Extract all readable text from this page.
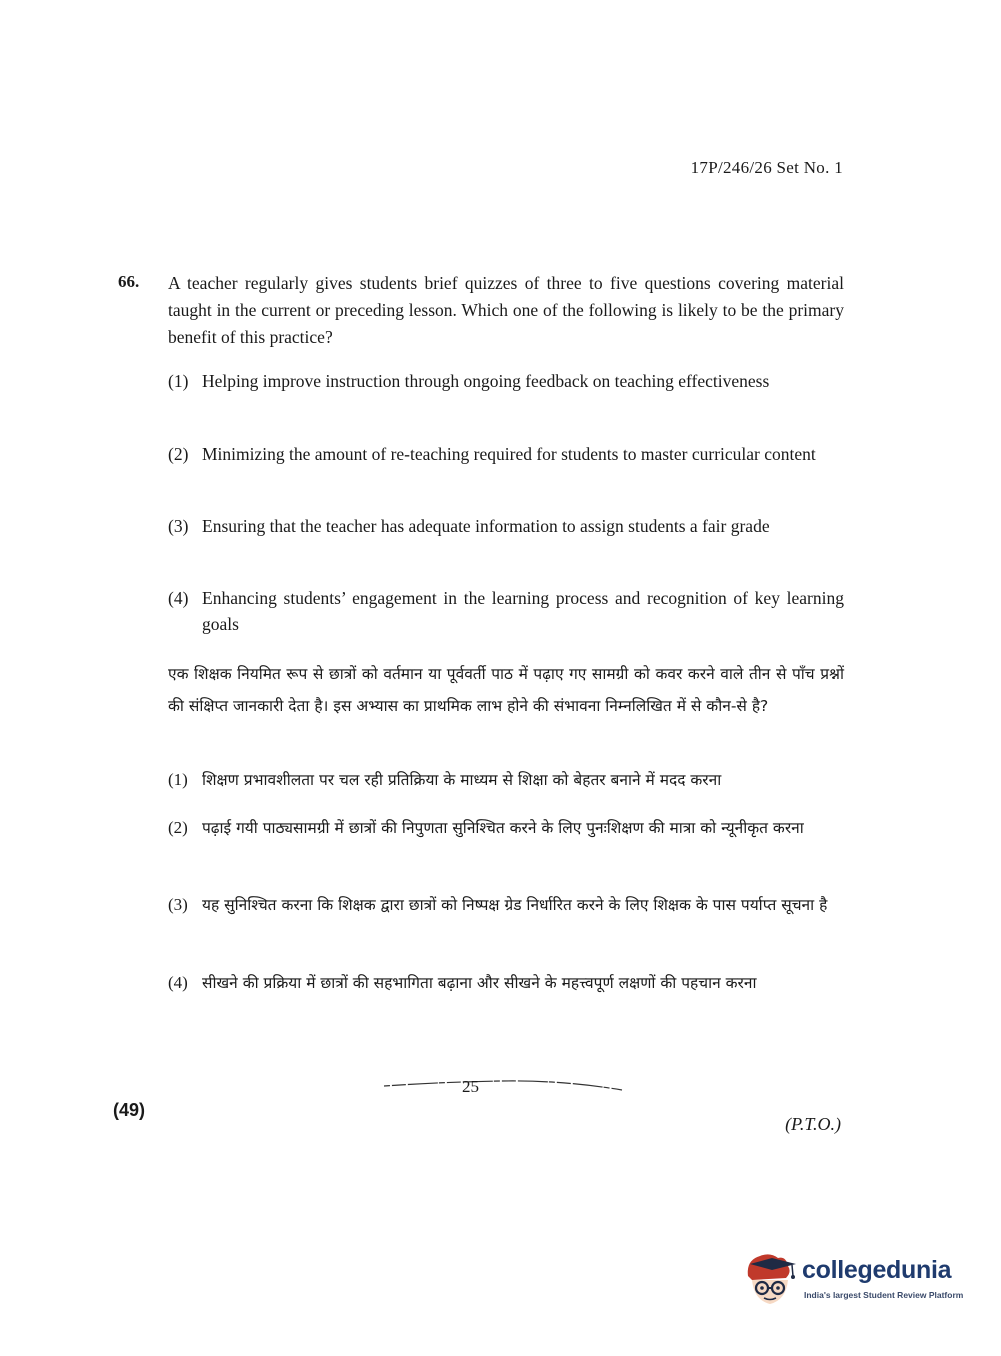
17P/246/26 Set No. 1
66. A teacher regularly gives students brief quizzes of three to five questions covering material taught in the current or preceding lesson. Which one of the following is likely to be the primary benefit of this practice?
(1) Helping improve instruction through ongoing feedback on teaching effectiveness
(2) Minimizing the amount of re-teaching required for students to master curricular content
(3) Ensuring that the teacher has adequate information to assign students a fair grade
(4) Enhancing students’ engagement in the learning process and recognition of key learning goals
एक शिक्षक नियमित रूप से छात्रों को वर्तमान या पूर्ववर्ती पाठ में पढ़ाए गए सामग्री को कवर करने वाले तीन से पाँच प्रश्नों की संक्षिप्त जानकारी देता है। इस अभ्यास का प्राथमिक लाभ होने की संभावना निम्नलिखित में से कौन-से है?
(1) शिक्षण प्रभावशीलता पर चल रही प्रतिक्रिया के माध्यम से शिक्षा को बेहतर बनाने में मदद करना
(2) पढ़ाई गयी पाठ्यसामग्री में छात्रों की निपुणता सुनिश्चित करने के लिए पुनःशिक्षण की मात्रा को न्यूनीकृत करना
(3) यह सुनिश्चित करना कि शिक्षक द्वारा छात्रों को निष्पक्ष ग्रेड निर्धारित करने के लिए शिक्षक के पास पर्याप्त सूचना है
(4) सीखने की प्रक्रिया में छात्रों की सहभागिता बढ़ाना और सीखने के महत्त्वपूर्ण लक्षणों की पहचान करना
25
(49)
(P.T.O.)
collegedunia
India's largest Student Review Platform
